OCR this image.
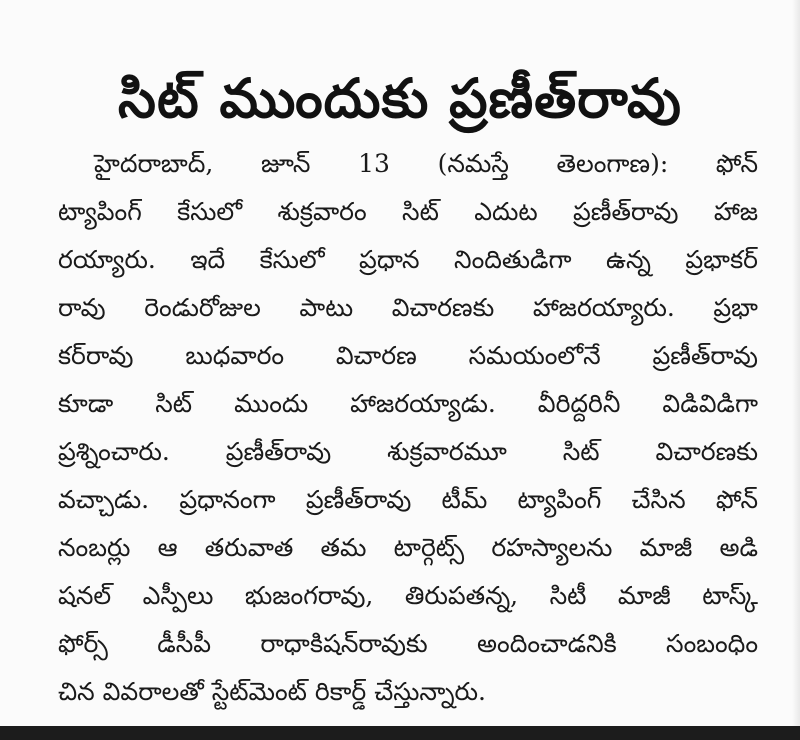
సిట్ ముందుకు ప్రణీత్‌రావు
హైదరాబాద్, జూన్ 13 (నమస్తే తెలంగాణ): ఫోన్
ట్యాపింగ్ కేసులో శుక్రవారం సిట్ ఎదుట ప్రణీత్‌రావు హాజ
రయ్యారు. ఇదే కేసులో ప్రధాన నిందితుడిగా ఉన్న ప్రభాకర్
రావు రెండురోజుల పాటు విచారణకు హాజరయ్యారు. ప్రభా
కర్‌రావు బుధవారం విచారణ సమయంలోనే ప్రణీత్‌రావు
కూడా సిట్ ముందు హాజరయ్యాడు. వీరిద్దరినీ విడివిడిగా
ప్రశ్నించారు. ప్రణీత్‌రావు శుక్రవారమూ సిట్ విచారణకు
వచ్చాడు. ప్రధానంగా ప్రణీత్‌రావు టీమ్ ట్యాపింగ్ చేసిన ఫోన్
నంబర్లు ఆ తరువాత తమ టార్గెట్స్ రహస్యాలను మాజీ అడి
షనల్ ఎస్పీలు భుజంగరావు, తిరుపతన్న, సిటీ మాజీ టాస్క్
ఫోర్స్ డీసీపీ రాధాకిషన్‌రావుకు అందించాడనికి సంబంధిం
చిన వివరాలతో స్టేట్‌మెంట్ రికార్డ్ చేస్తున్నారు.
